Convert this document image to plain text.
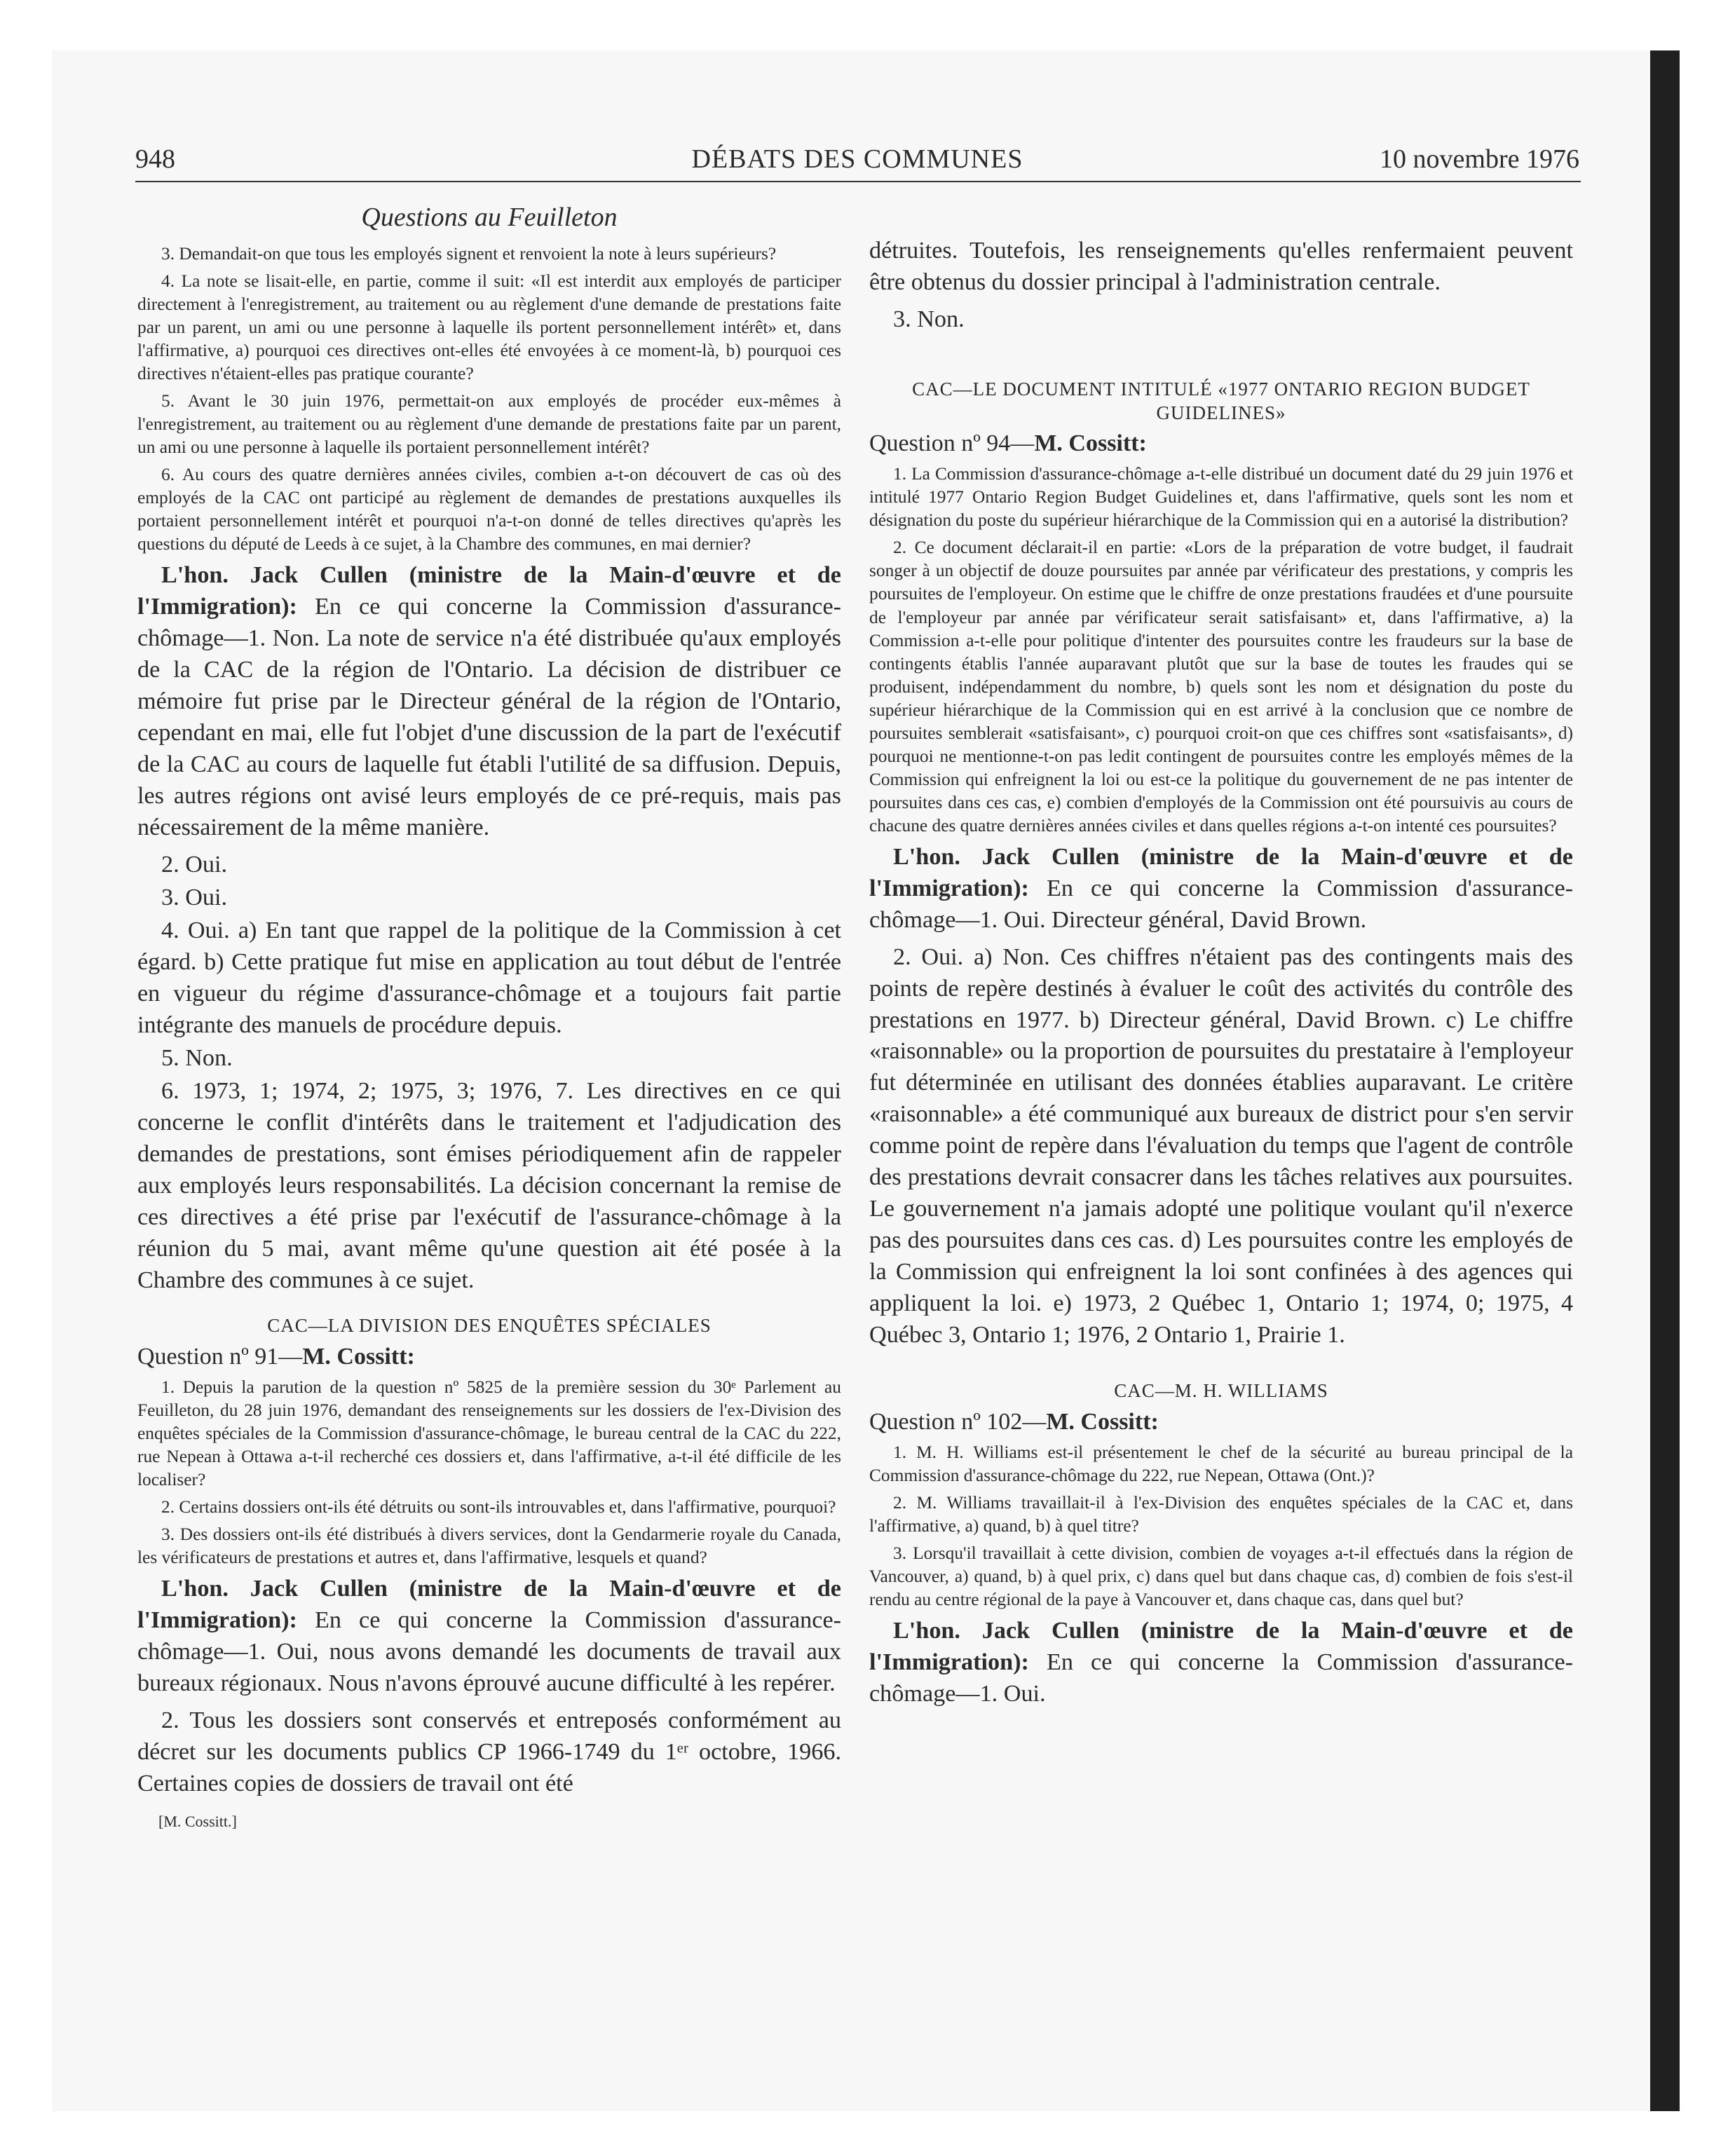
948	DÉBATS DES COMMUNES	10 novembre 1976
Questions au Feuilleton

3. Demandait-on que tous les employés signent et renvoient la note à leurs supérieurs?

4. La note se lisait-elle, en partie, comme il suit: «Il est interdit aux employés de participer directement à l'enregistrement, au traitement ou au règlement d'une demande de prestations faite par un parent, un ami ou une personne à laquelle ils portent personnellement intérêt» et, dans l'affirmative, a) pourquoi ces directives ont-elles été envoyées à ce moment-là, b) pourquoi ces directives n'étaient-elles pas pratique courante?

5. Avant le 30 juin 1976, permettait-on aux employés de procéder eux-mêmes à l'enregistrement, au traitement ou au règlement d'une demande de prestations faite par un parent, un ami ou une personne à laquelle ils portaient personnellement intérêt?

6. Au cours des quatre dernières années civiles, combien a-t-on découvert de cas où des employés de la CAC ont participé au règlement de demandes de prestations auxquelles ils portaient personnellement intérêt et pourquoi n'a-t-on donné de telles directives qu'après les questions du député de Leeds à ce sujet, à la Chambre des communes, en mai dernier?

L'hon. Jack Cullen (ministre de la Main-d'œuvre et de l'Immigration): En ce qui concerne la Commission d'assurance-chômage—1. Non. La note de service n'a été distribuée qu'aux employés de la CAC de la région de l'Ontario. La décision de distribuer ce mémoire fut prise par le Directeur général de la région de l'Ontario, cependant en mai, elle fut l'objet d'une discussion de la part de l'exécutif de la CAC au cours de laquelle fut établi l'utilité de sa diffusion. Depuis, les autres régions ont avisé leurs employés de ce pré-requis, mais pas nécessairement de la même manière.

2. Oui.

3. Oui.

4. Oui. a) En tant que rappel de la politique de la Commission à cet égard. b) Cette pratique fut mise en application au tout début de l'entrée en vigueur du régime d'assurance-chômage et a toujours fait partie intégrante des manuels de procédure depuis.

5. Non.

6. 1973, 1; 1974, 2; 1975, 3; 1976, 7. Les directives en ce qui concerne le conflit d'intérêts dans le traitement et l'adjudication des demandes de prestations, sont émises périodiquement afin de rappeler aux employés leurs responsabilités. La décision concernant la remise de ces directives a été prise par l'exécutif de l'assurance-chômage à la réunion du 5 mai, avant même qu'une question ait été posée à la Chambre des communes à ce sujet.

CAC—LA DIVISION DES ENQUÊTES SPÉCIALES
Question nº 91—M. Cossitt:

1. Depuis la parution de la question nº 5825 de la première session du 30ᵉ Parlement au Feuilleton, du 28 juin 1976, demandant des renseignements sur les dossiers de l'ex-Division des enquêtes spéciales de la Commission d'assurance-chômage, le bureau central de la CAC du 222, rue Nepean à Ottawa a-t-il recherché ces dossiers et, dans l'affirmative, a-t-il été difficile de les localiser?

2. Certains dossiers ont-ils été détruits ou sont-ils introuvables et, dans l'affirmative, pourquoi?

3. Des dossiers ont-ils été distribués à divers services, dont la Gendarmerie royale du Canada, les vérificateurs de prestations et autres et, dans l'affirmative, lesquels et quand?

L'hon. Jack Cullen (ministre de la Main-d'œuvre et de l'Immigration): En ce qui concerne la Commission d'assurance-chômage—1. Oui, nous avons demandé les documents de travail aux bureaux régionaux. Nous n'avons éprouvé aucune difficulté à les repérer.

2. Tous les dossiers sont conservés et entreposés conformément au décret sur les documents publics CP 1966-1749 du 1ᵉʳ octobre, 1966. Certaines copies de dossiers de travail ont été

[M. Cossitt.]

détruites. Toutefois, les renseignements qu'elles renfermaient peuvent être obtenus du dossier principal à l'administration centrale.

3. Non.

CAC—LE DOCUMENT INTITULÉ «1977 ONTARIO REGION BUDGET GUIDELINES»
Question nº 94—M. Cossitt:

1. La Commission d'assurance-chômage a-t-elle distribué un document daté du 29 juin 1976 et intitulé 1977 Ontario Region Budget Guidelines et, dans l'affirmative, quels sont les nom et désignation du poste du supérieur hiérarchique de la Commission qui en a autorisé la distribution?

2. Ce document déclarait-il en partie: «Lors de la préparation de votre budget, il faudrait songer à un objectif de douze poursuites par année par vérificateur des prestations, y compris les poursuites de l'employeur. On estime que le chiffre de onze prestations fraudées et d'une poursuite de l'employeur par année par vérificateur serait satisfaisant» et, dans l'affirmative, a) la Commission a-t-elle pour politique d'intenter des poursuites contre les fraudeurs sur la base de contingents établis l'année auparavant plutôt que sur la base de toutes les fraudes qui se produisent, indépendamment du nombre, b) quels sont les nom et désignation du poste du supérieur hiérarchique de la Commission qui en est arrivé à la conclusion que ce nombre de poursuites semblerait «satisfaisant», c) pourquoi croit-on que ces chiffres sont «satisfaisants», d) pourquoi ne mentionne-t-on pas ledit contingent de poursuites contre les employés mêmes de la Commission qui enfreignent la loi ou est-ce la politique du gouvernement de ne pas intenter de poursuites dans ces cas, e) combien d'employés de la Commission ont été poursuivis au cours de chacune des quatre dernières années civiles et dans quelles régions a-t-on intenté ces poursuites?

L'hon. Jack Cullen (ministre de la Main-d'œuvre et de l'Immigration): En ce qui concerne la Commission d'assurance-chômage—1. Oui. Directeur général, David Brown.

2. Oui. a) Non. Ces chiffres n'étaient pas des contingents mais des points de repère destinés à évaluer le coût des activités du contrôle des prestations en 1977. b) Directeur général, David Brown. c) Le chiffre «raisonnable» ou la proportion de poursuites du prestataire à l'employeur fut déterminée en utilisant des données établies auparavant. Le critère «raisonnable» a été communiqué aux bureaux de district pour s'en servir comme point de repère dans l'évaluation du temps que l'agent de contrôle des prestations devrait consacrer dans les tâches relatives aux poursuites. Le gouvernement n'a jamais adopté une politique voulant qu'il n'exerce pas des poursuites dans ces cas. d) Les poursuites contre les employés de la Commission qui enfreignent la loi sont confinées à des agences qui appliquent la loi. e) 1973, 2 Québec 1, Ontario 1; 1974, 0; 1975, 4 Québec 3, Ontario 1; 1976, 2 Ontario 1, Prairie 1.

CAC—M. H. WILLIAMS
Question nº 102—M. Cossitt:

1. M. H. Williams est-il présentement le chef de la sécurité au bureau principal de la Commission d'assurance-chômage du 222, rue Nepean, Ottawa (Ont.)?

2. M. Williams travaillait-il à l'ex-Division des enquêtes spéciales de la CAC et, dans l'affirmative, a) quand, b) à quel titre?

3. Lorsqu'il travaillait à cette division, combien de voyages a-t-il effectués dans la région de Vancouver, a) quand, b) à quel prix, c) dans quel but dans chaque cas, d) combien de fois s'est-il rendu au centre régional de la paye à Vancouver et, dans chaque cas, dans quel but?

L'hon. Jack Cullen (ministre de la Main-d'œuvre et de l'Immigration): En ce qui concerne la Commission d'assurance-chômage—1. Oui.
